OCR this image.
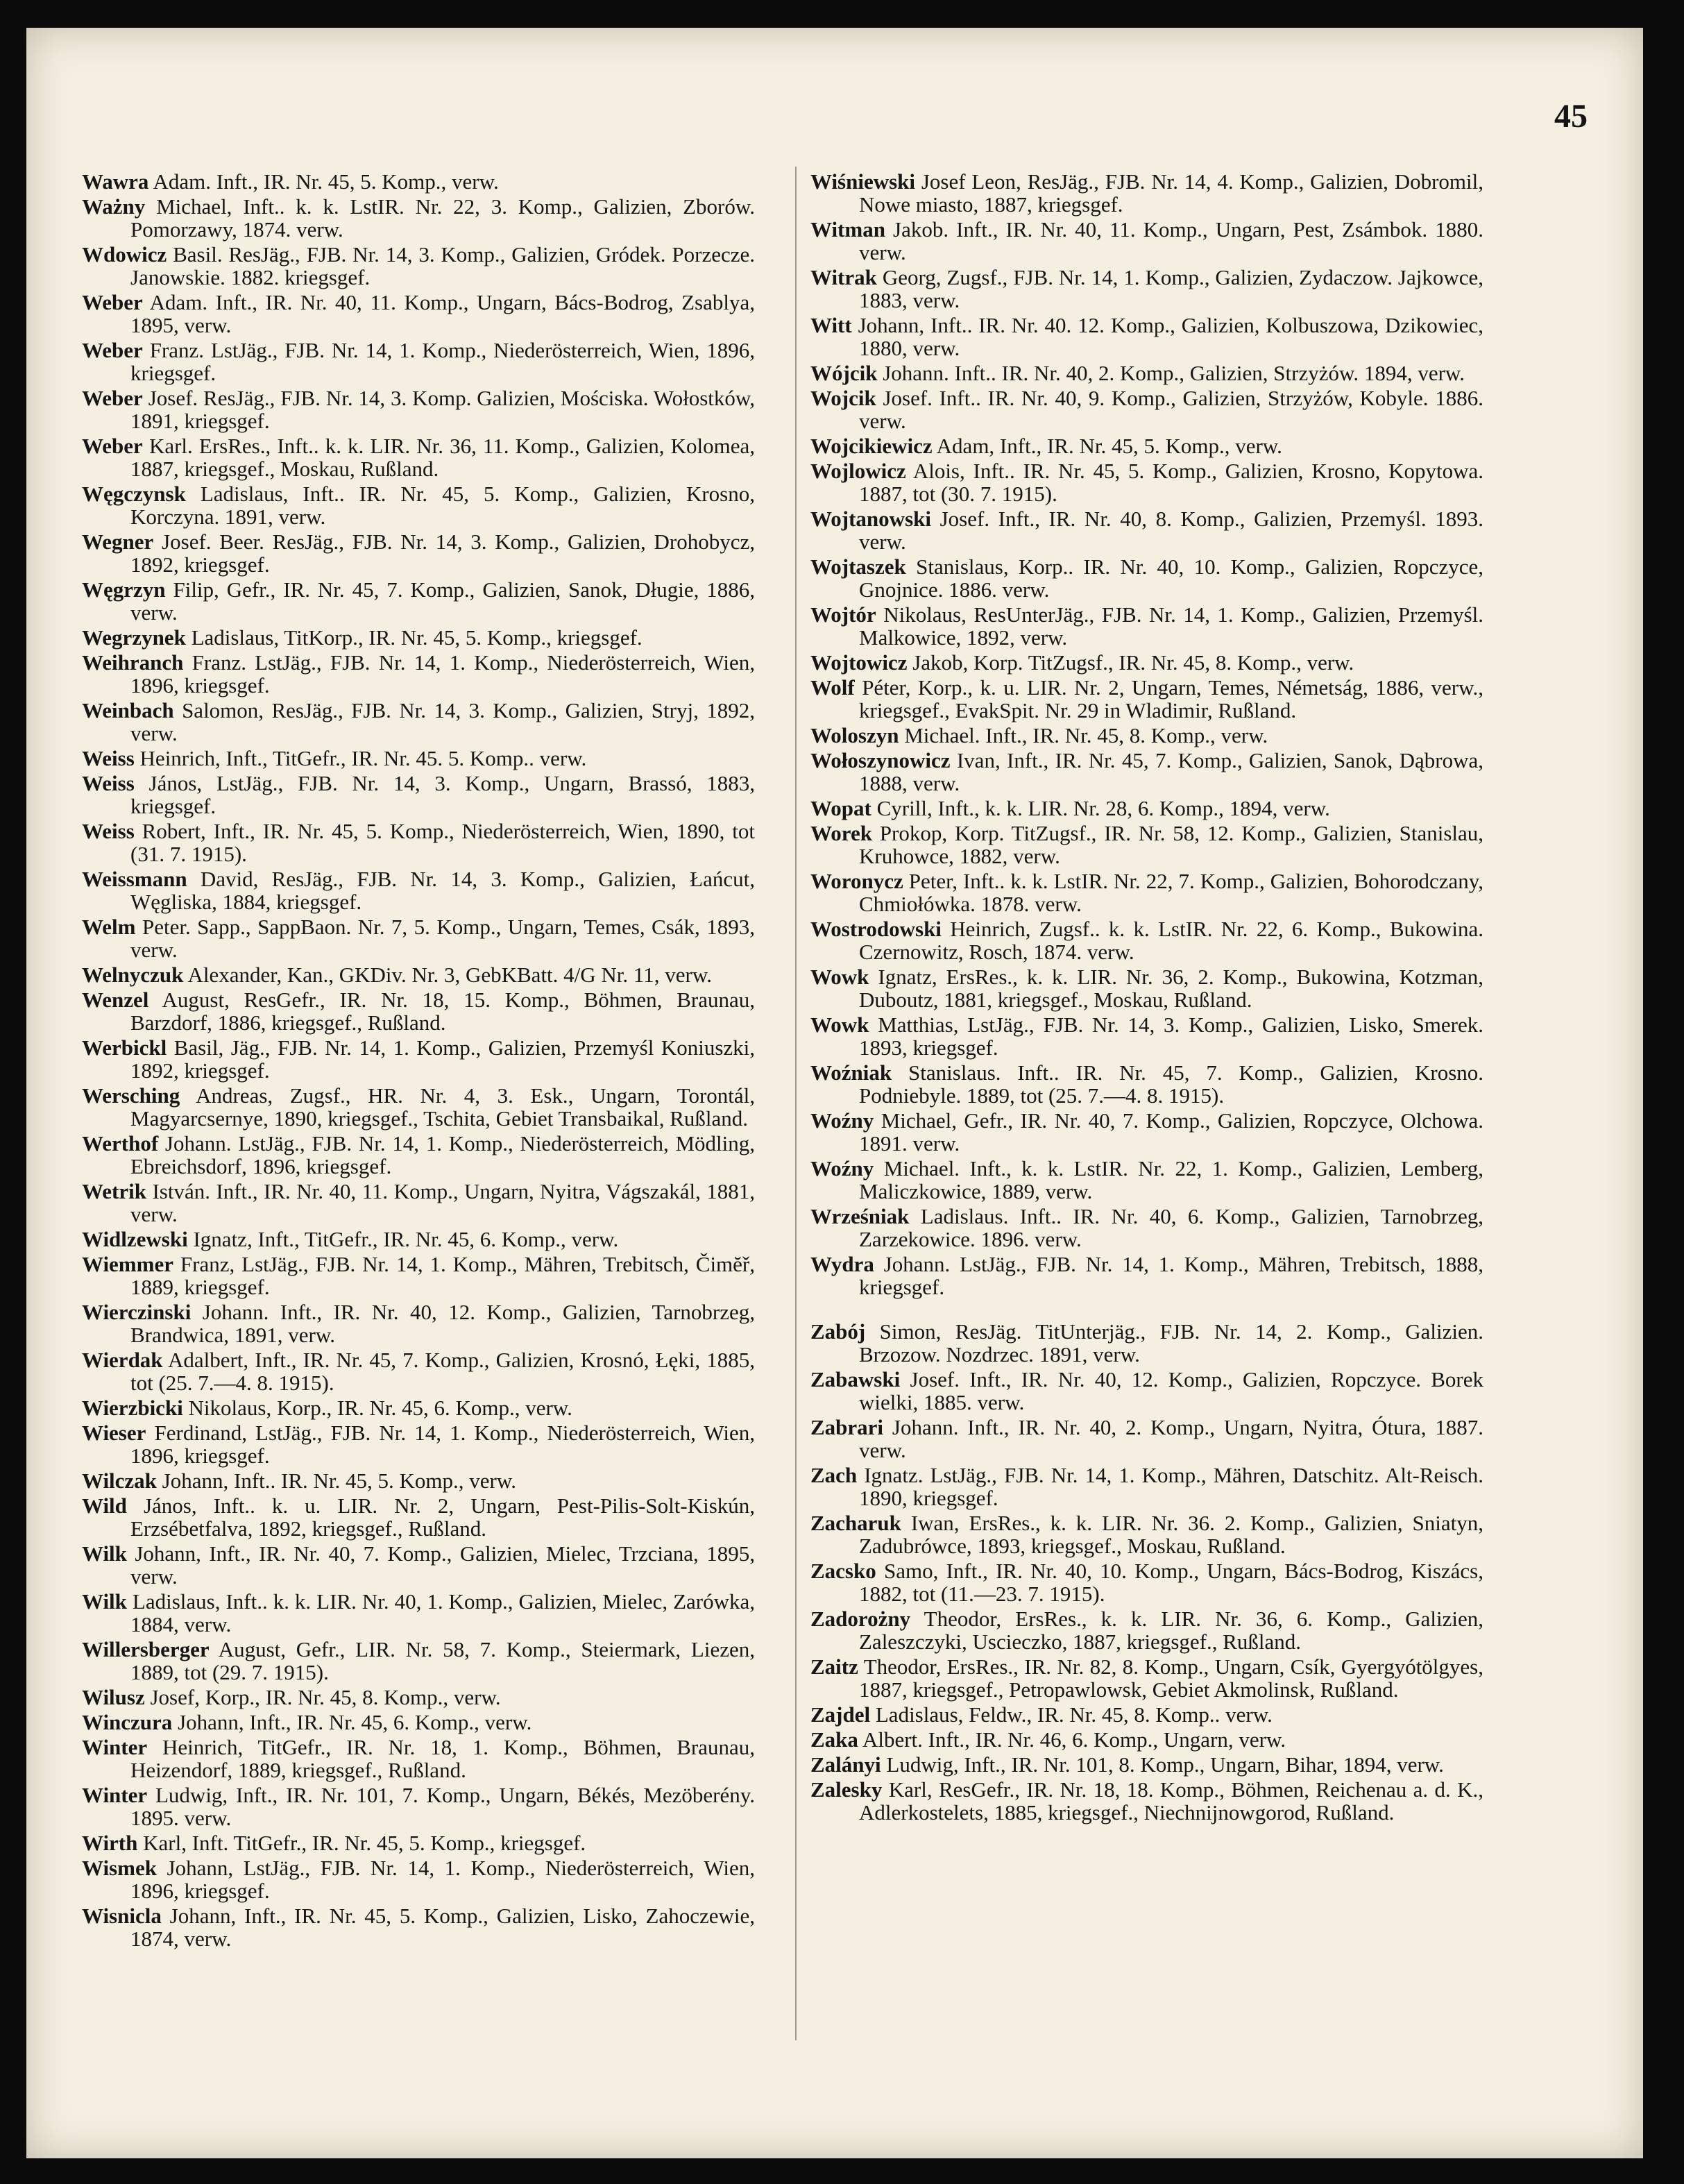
45

Wawra Adam. Inft., IR. Nr. 45, 5. Komp., verw.

Ważny Michael, Inft.. k. k. LstIR. Nr. 22, 3. Komp., Galizien, Zborów. Pomorzawy, 1874. verw.

Wdowicz Basil. ResJäg., FJB. Nr. 14, 3. Komp., Galizien, Gródek. Porzecze. Janowskie. 1882. kriegsgef.

Weber Adam. Inft., IR. Nr. 40, 11. Komp., Ungarn, Bács-Bodrog, Zsablya, 1895, verw.

Weber Franz. LstJäg., FJB. Nr. 14, 1. Komp., Niederösterreich, Wien, 1896, kriegsgef.

Weber Josef. ResJäg., FJB. Nr. 14, 3. Komp. Galizien, Mościska. Wołostków, 1891, kriegsgef.

Weber Karl. ErsRes., Inft.. k. k. LIR. Nr. 36, 11. Komp., Galizien, Kolomea, 1887, kriegsgef., Moskau, Rußland.

Węgczynsk Ladislaus, Inft.. IR. Nr. 45, 5. Komp., Galizien, Krosno, Korczyna. 1891, verw.

Wegner Josef. Beer. ResJäg., FJB. Nr. 14, 3. Komp., Galizien, Drohobycz, 1892, kriegsgef.

Węgrzyn Filip, Gefr., IR. Nr. 45, 7. Komp., Galizien, Sanok, Długie, 1886, verw.

Wegrzynek Ladislaus, TitKorp., IR. Nr. 45, 5. Komp., kriegsgef.

Weihranch Franz. LstJäg., FJB. Nr. 14, 1. Komp., Niederösterreich, Wien, 1896, kriegsgef.

Weinbach Salomon, ResJäg., FJB. Nr. 14, 3. Komp., Galizien, Stryj, 1892, verw.

Weiss Heinrich, Inft., TitGefr., IR. Nr. 45. 5. Komp.. verw.

Weiss János, LstJäg., FJB. Nr. 14, 3. Komp., Ungarn, Brassó, 1883, kriegsgef.

Weiss Robert, Inft., IR. Nr. 45, 5. Komp., Niederösterreich, Wien, 1890, tot (31. 7. 1915).

Weissmann David, ResJäg., FJB. Nr. 14, 3. Komp., Galizien, Łańcut, Węgliska, 1884, kriegsgef.

Welm Peter. Sapp., SappBaon. Nr. 7, 5. Komp., Ungarn, Temes, Csák, 1893, verw.

Welnyczuk Alexander, Kan., GKDiv. Nr. 3, GebKBatt. 4/G Nr. 11, verw.

Wenzel August, ResGefr., IR. Nr. 18, 15. Komp., Böhmen, Braunau, Barzdorf, 1886, kriegsgef., Rußland.

Werbickl Basil, Jäg., FJB. Nr. 14, 1. Komp., Galizien, Przemyśl Koniuszki, 1892, kriegsgef.

Wersching Andreas, Zugsf., HR. Nr. 4, 3. Esk., Ungarn, Torontál, Magyarcsernye, 1890, kriegsgef., Tschita, Gebiet Transbaikal, Rußland.

Werthof Johann. LstJäg., FJB. Nr. 14, 1. Komp., Niederösterreich, Mödling, Ebreichsdorf, 1896, kriegsgef.

Wetrik István. Inft., IR. Nr. 40, 11. Komp., Ungarn, Nyitra, Vágszakál, 1881, verw.

Widlzewski Ignatz, Inft., TitGefr., IR. Nr. 45, 6. Komp., verw.

Wiemmer Franz, LstJäg., FJB. Nr. 14, 1. Komp., Mähren, Trebitsch, Čimĕř, 1889, kriegsgef.

Wierczinski Johann. Inft., IR. Nr. 40, 12. Komp., Galizien, Tarnobrzeg, Brandwica, 1891, verw.

Wierdak Adalbert, Inft., IR. Nr. 45, 7. Komp., Galizien, Krosnó, Łęki, 1885, tot (25. 7.—4. 8. 1915).

Wierzbicki Nikolaus, Korp., IR. Nr. 45, 6. Komp., verw.

Wieser Ferdinand, LstJäg., FJB. Nr. 14, 1. Komp., Niederösterreich, Wien, 1896, kriegsgef.

Wilczak Johann, Inft.. IR. Nr. 45, 5. Komp., verw.

Wild János, Inft.. k. u. LIR. Nr. 2, Ungarn, Pest-Pilis-Solt-Kiskún, Erzsébetfalva, 1892, kriegsgef., Rußland.

Wilk Johann, Inft., IR. Nr. 40, 7. Komp., Galizien, Mielec, Trzciana, 1895, verw.

Wilk Ladislaus, Inft.. k. k. LIR. Nr. 40, 1. Komp., Galizien, Mielec, Zarówka, 1884, verw.

Willersberger August, Gefr., LIR. Nr. 58, 7. Komp., Steiermark, Liezen, 1889, tot (29. 7. 1915).

Wilusz Josef, Korp., IR. Nr. 45, 8. Komp., verw.

Winczura Johann, Inft., IR. Nr. 45, 6. Komp., verw.

Winter Heinrich, TitGefr., IR. Nr. 18, 1. Komp., Böhmen, Braunau, Heizendorf, 1889, kriegsgef., Rußland.

Winter Ludwig, Inft., IR. Nr. 101, 7. Komp., Ungarn, Békés, Mezöberény. 1895. verw.

Wirth Karl, Inft. TitGefr., IR. Nr. 45, 5. Komp., kriegsgef.

Wismek Johann, LstJäg., FJB. Nr. 14, 1. Komp., Niederösterreich, Wien, 1896, kriegsgef.

Wisnicla Johann, Inft., IR. Nr. 45, 5. Komp., Galizien, Lisko, Zahoczewie, 1874, verw.

Wiśniewski Josef Leon, ResJäg., FJB. Nr. 14, 4. Komp., Galizien, Dobromil, Nowe miasto, 1887, kriegsgef.

Witman Jakob. Inft., IR. Nr. 40, 11. Komp., Ungarn, Pest, Zsámbok. 1880. verw.

Witrak Georg, Zugsf., FJB. Nr. 14, 1. Komp., Galizien, Zydaczow. Jajkowce, 1883, verw.

Witt Johann, Inft.. IR. Nr. 40. 12. Komp., Galizien, Kolbuszowa, Dzikowiec, 1880, verw.

Wójcik Johann. Inft.. IR. Nr. 40, 2. Komp., Galizien, Strzyżów. 1894, verw.

Wojcik Josef. Inft.. IR. Nr. 40, 9. Komp., Galizien, Strzyżów, Kobyle. 1886. verw.

Wojcikiewicz Adam, Inft., IR. Nr. 45, 5. Komp., verw.

Wojlowicz Alois, Inft.. IR. Nr. 45, 5. Komp., Galizien, Krosno, Kopytowa. 1887, tot (30. 7. 1915).

Wojtanowski Josef. Inft., IR. Nr. 40, 8. Komp., Galizien, Przemyśl. 1893. verw.

Wojtaszek Stanislaus, Korp.. IR. Nr. 40, 10. Komp., Galizien, Ropczyce, Gnojnice. 1886. verw.

Wojtór Nikolaus, ResUnterJäg., FJB. Nr. 14, 1. Komp., Galizien, Przemyśl. Malkowice, 1892, verw.

Wojtowicz Jakob, Korp. TitZugsf., IR. Nr. 45, 8. Komp., verw.

Wolf Péter, Korp., k. u. LIR. Nr. 2, Ungarn, Temes, Németság, 1886, verw., kriegsgef., EvakSpit. Nr. 29 in Wladimir, Rußland.

Woloszyn Michael. Inft., IR. Nr. 45, 8. Komp., verw.

Wołoszynowicz Ivan, Inft., IR. Nr. 45, 7. Komp., Galizien, Sanok, Dąbrowa, 1888, verw.

Wopat Cyrill, Inft., k. k. LIR. Nr. 28, 6. Komp., 1894, verw.

Worek Prokop, Korp. TitZugsf., IR. Nr. 58, 12. Komp., Galizien, Stanislau, Kruhowce, 1882, verw.

Woronycz Peter, Inft.. k. k. LstIR. Nr. 22, 7. Komp., Galizien, Bohorodczany, Chmiołówka. 1878. verw.

Wostrodowski Heinrich, Zugsf.. k. k. LstIR. Nr. 22, 6. Komp., Bukowina. Czernowitz, Rosch, 1874. verw.

Wowk Ignatz, ErsRes., k. k. LIR. Nr. 36, 2. Komp., Bukowina, Kotzman, Duboutz, 1881, kriegsgef., Moskau, Rußland.

Wowk Matthias, LstJäg., FJB. Nr. 14, 3. Komp., Galizien, Lisko, Smerek. 1893, kriegsgef.

Woźniak Stanislaus. Inft.. IR. Nr. 45, 7. Komp., Galizien, Krosno. Podniebyle. 1889, tot (25. 7.—4. 8. 1915).

Woźny Michael, Gefr., IR. Nr. 40, 7. Komp., Galizien, Ropczyce, Olchowa. 1891. verw.

Woźny Michael. Inft., k. k. LstIR. Nr. 22, 1. Komp., Galizien, Lemberg, Maliczkowice, 1889, verw.

Wrześniak Ladislaus. Inft.. IR. Nr. 40, 6. Komp., Galizien, Tarnobrzeg, Zarzekowice. 1896. verw.

Wydra Johann. LstJäg., FJB. Nr. 14, 1. Komp., Mähren, Trebitsch, 1888, kriegsgef.

Zabój Simon, ResJäg. TitUnterjäg., FJB. Nr. 14, 2. Komp., Galizien. Brzozow. Nozdrzec. 1891, verw.

Zabawski Josef. Inft., IR. Nr. 40, 12. Komp., Galizien, Ropczyce. Borek wielki, 1885. verw.

Zabrari Johann. Inft., IR. Nr. 40, 2. Komp., Ungarn, Nyitra, Ótura, 1887. verw.

Zach Ignatz. LstJäg., FJB. Nr. 14, 1. Komp., Mähren, Datschitz. Alt-Reisch. 1890, kriegsgef.

Zacharuk Iwan, ErsRes., k. k. LIR. Nr. 36. 2. Komp., Galizien, Sniatyn, Zadubrówce, 1893, kriegsgef., Moskau, Rußland.

Zacsko Samo, Inft., IR. Nr. 40, 10. Komp., Ungarn, Bács-Bodrog, Kiszács, 1882, tot (11.—23. 7. 1915).

Zadorożny Theodor, ErsRes., k. k. LIR. Nr. 36, 6. Komp., Galizien, Zaleszczyki, Uscieczko, 1887, kriegsgef., Rußland.

Zaitz Theodor, ErsRes., IR. Nr. 82, 8. Komp., Ungarn, Csík, Gyergyótölgyes, 1887, kriegsgef., Petropawlowsk, Gebiet Akmolinsk, Rußland.

Zajdel Ladislaus, Feldw., IR. Nr. 45, 8. Komp.. verw.

Zaka Albert. Inft., IR. Nr. 46, 6. Komp., Ungarn, verw.

Zalányi Ludwig, Inft., IR. Nr. 101, 8. Komp., Ungarn, Bihar, 1894, verw.

Zalesky Karl, ResGefr., IR. Nr. 18, 18. Komp., Böhmen, Reichenau a. d. K., Adlerkostelets, 1885, kriegsgef., Niechnijnowgorod, Rußland.
